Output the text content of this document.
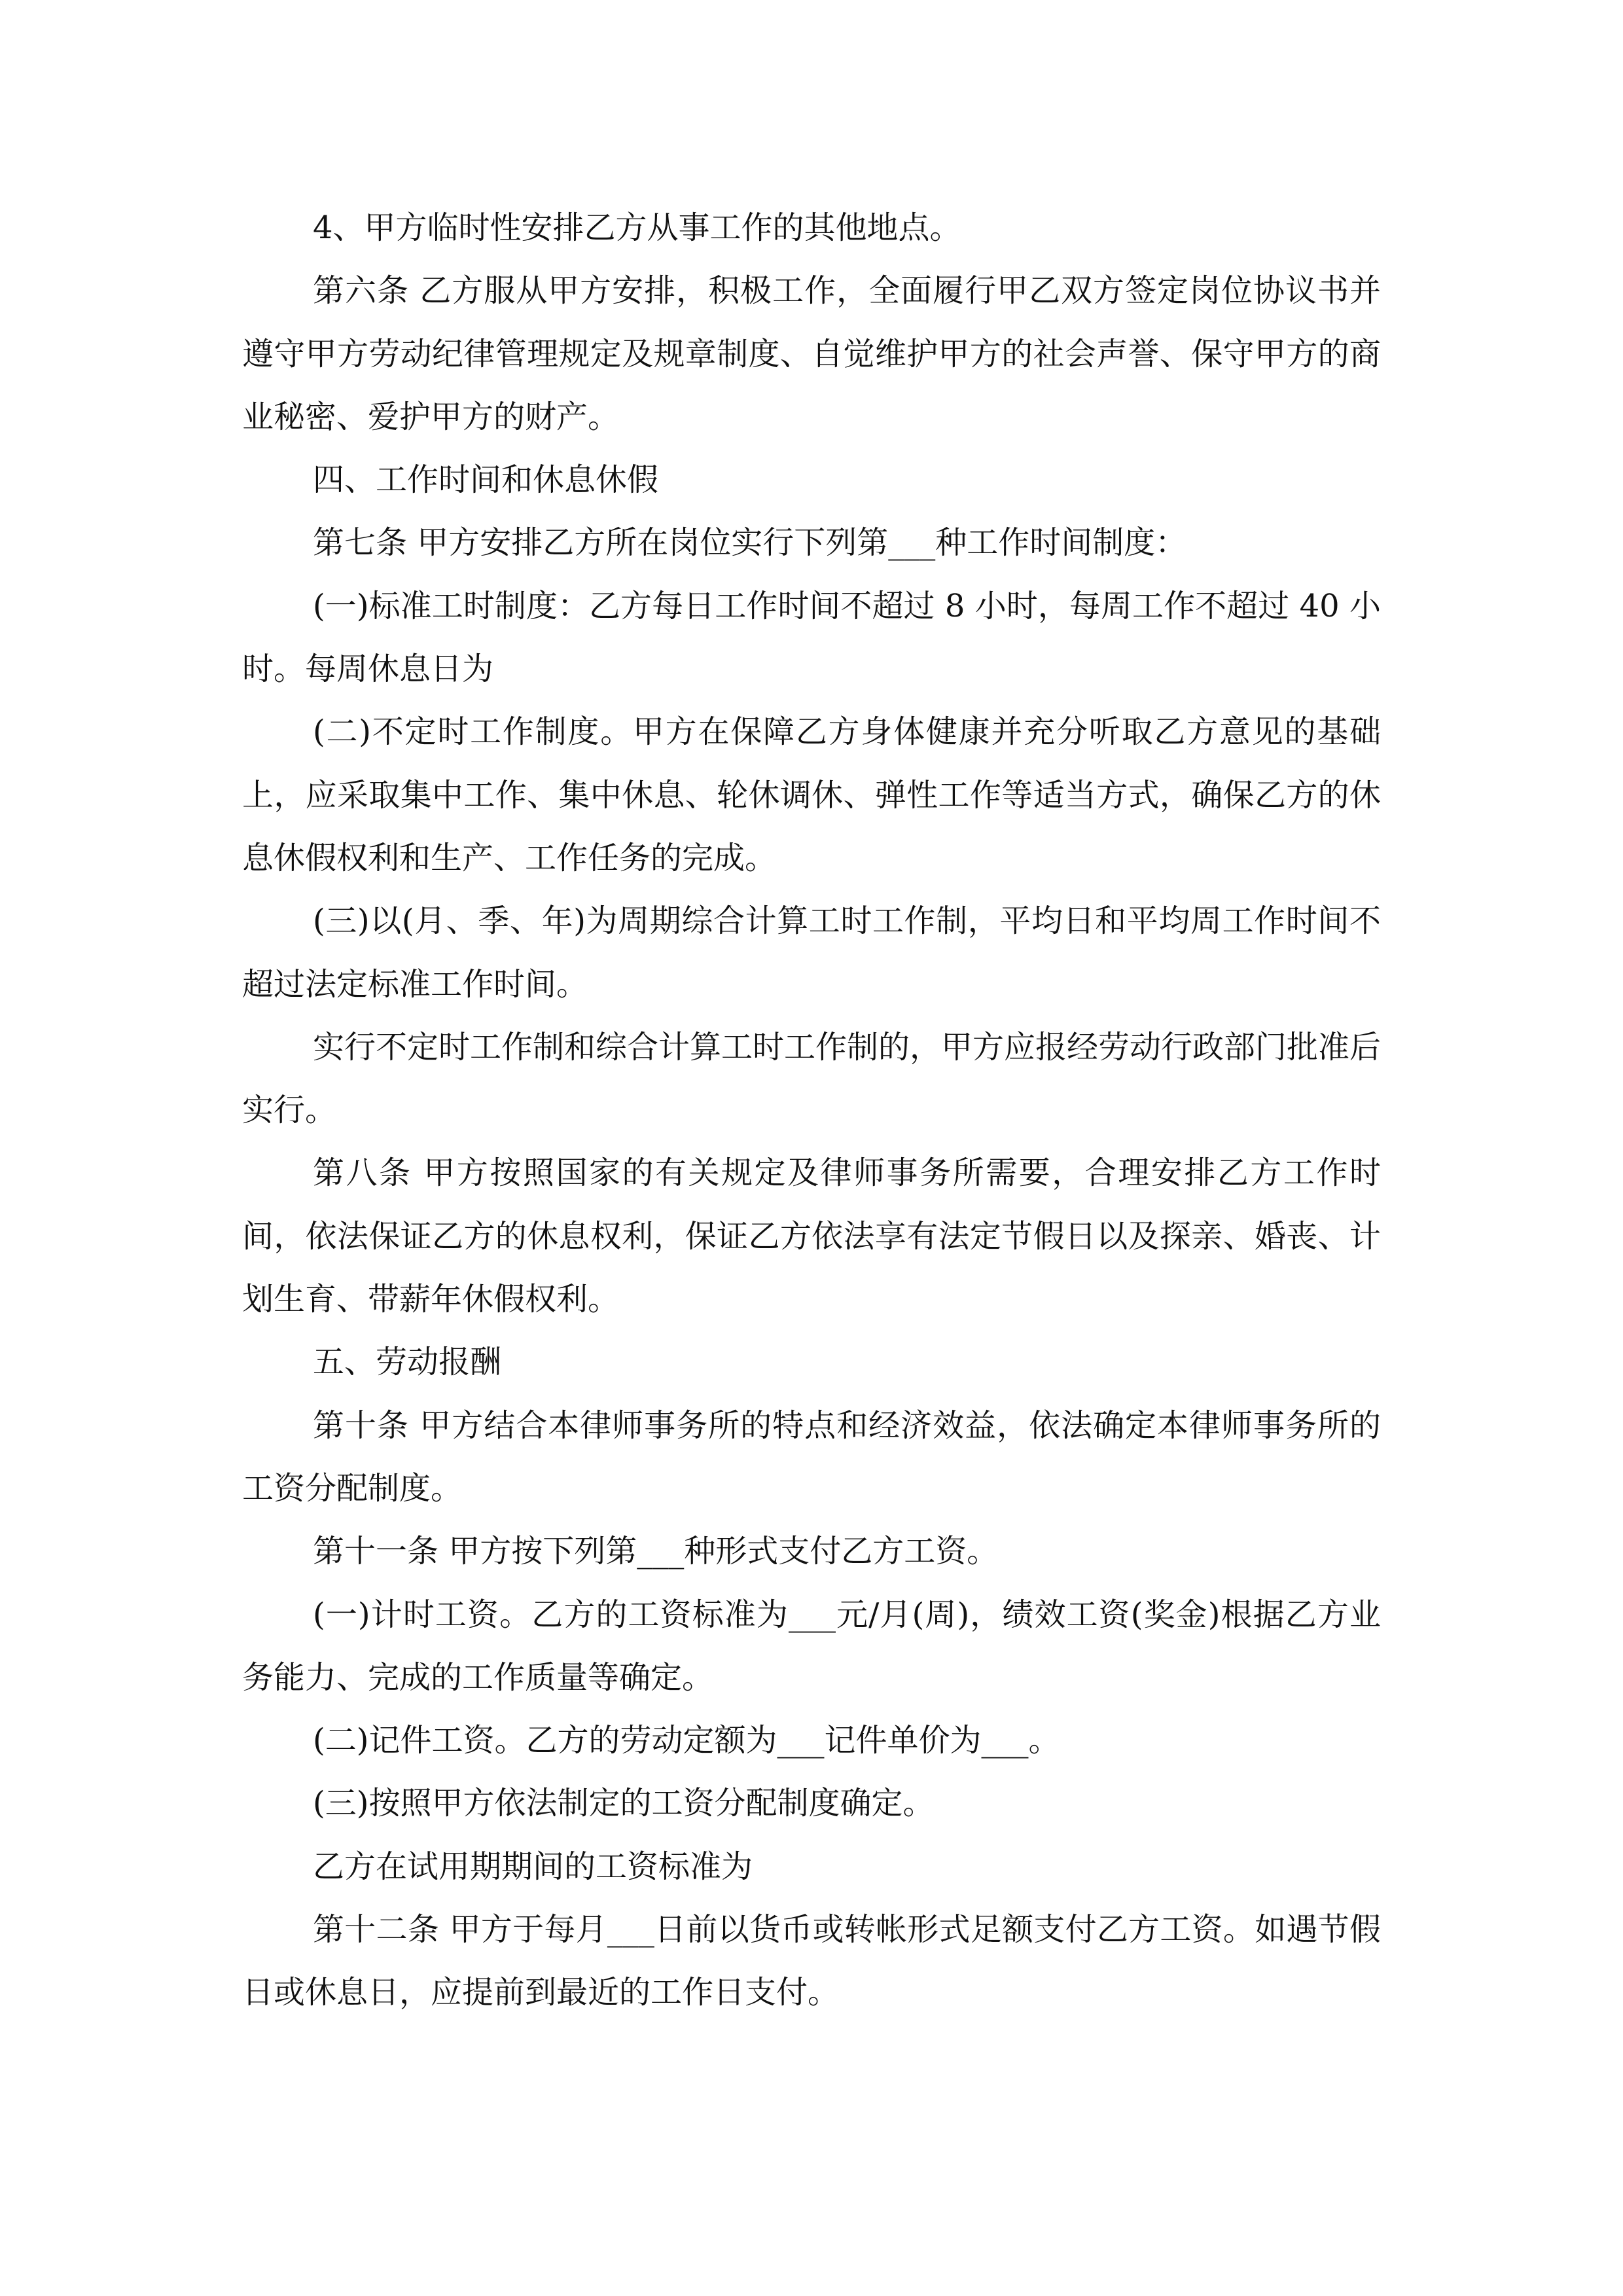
4、甲方临时性安排乙方从事工作的其他地点。

第六条 乙方服从甲方安排，积极工作，全面履行甲乙双方签定岗位协议书并遵守甲方劳动纪律管理规定及规章制度、自觉维护甲方的社会声誉、保守甲方的商业秘密、爱护甲方的财产。

四、工作时间和休息休假

第七条 甲方安排乙方所在岗位实行下列第___种工作时间制度：

(一)标准工时制度：乙方每日工作时间不超过 8 小时，每周工作不超过 40 小时。每周休息日为

(二)不定时工作制度。甲方在保障乙方身体健康并充分听取乙方意见的基础上，应采取集中工作、集中休息、轮休调休、弹性工作等适当方式，确保乙方的休息休假权利和生产、工作任务的完成。

(三)以(月、季、年)为周期综合计算工时工作制，平均日和平均周工作时间不超过法定标准工作时间。

实行不定时工作制和综合计算工时工作制的，甲方应报经劳动行政部门批准后实行。

第八条 甲方按照国家的有关规定及律师事务所需要，合理安排乙方工作时间，依法保证乙方的休息权利，保证乙方依法享有法定节假日以及探亲、婚丧、计划生育、带薪年休假权利。

五、劳动报酬

第十条 甲方结合本律师事务所的特点和经济效益，依法确定本律师事务所的工资分配制度。

第十一条 甲方按下列第___种形式支付乙方工资。

(一)计时工资。乙方的工资标准为___元/月(周)，绩效工资(奖金)根据乙方业务能力、完成的工作质量等确定。

(二)记件工资。乙方的劳动定额为___记件单价为___。

(三)按照甲方依法制定的工资分配制度确定。

乙方在试用期期间的工资标准为

第十二条 甲方于每月___日前以货币或转帐形式足额支付乙方工资。如遇节假日或休息日，应提前到最近的工作日支付。
